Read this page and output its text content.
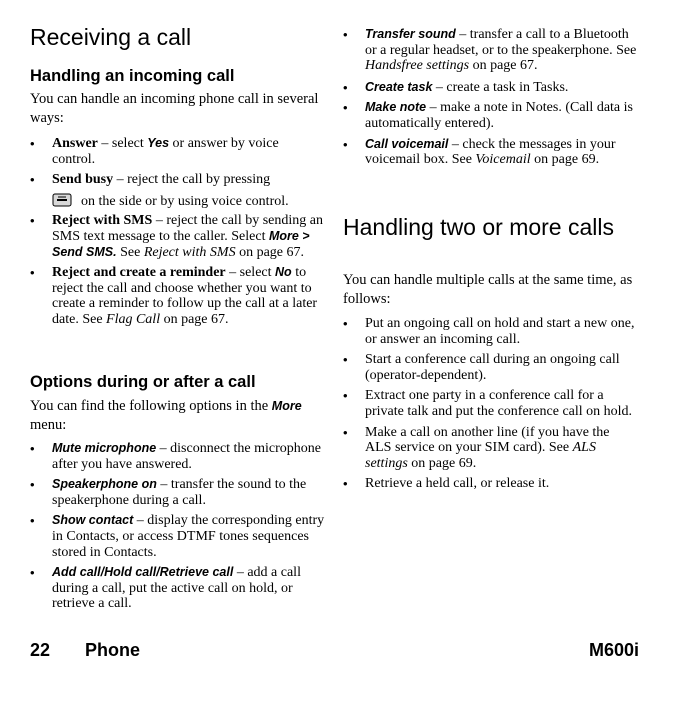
Receiving a call
Handling an incoming call

You can handle an incoming phone call in several ways:

• Answer – select Yes or answer by voice control.
• Send busy – reject the call by pressing
on the side or by using voice control.
• Reject with SMS – reject the call by sending an SMS text message to the caller. Select More > Send SMS. See Reject with SMS on page 67.
• Reject and create a reminder – select No to reject the call and choose whether you want to create a reminder to follow up the call at a later date. See Flag Call on page 67.
Options during or after a call

You can find the following options in the More menu:

• Mute microphone – disconnect the microphone after you have answered.
• Speakerphone on – transfer the sound to the speakerphone during a call.
• Show contact – display the corresponding entry in Contacts, or access DTMF tones sequences stored in Contacts.
• Add call/Hold call/Retrieve call – add a call during a call, put the active call on hold, or retrieve a call.
• Transfer sound – transfer a call to a Bluetooth or a regular headset, or to the speakerphone. See Handsfree settings on page 67.
• Create task – create a task in Tasks.
• Make note – make a note in Notes. (Call data is automatically entered).
• Call voicemail – check the messages in your voicemail box. See Voicemail on page 69.
Handling two or more calls

You can handle multiple calls at the same time, as follows:

• Put an ongoing call on hold and start a new one, or answer an incoming call.
• Start a conference call during an ongoing call (operator-dependent).
• Extract one party in a conference call for a private talk and put the conference call on hold.
• Make a call on another line (if you have the ALS service on your SIM card). See ALS settings on page 69.
• Retrieve a held call, or release it.
22 Phone	M600i
